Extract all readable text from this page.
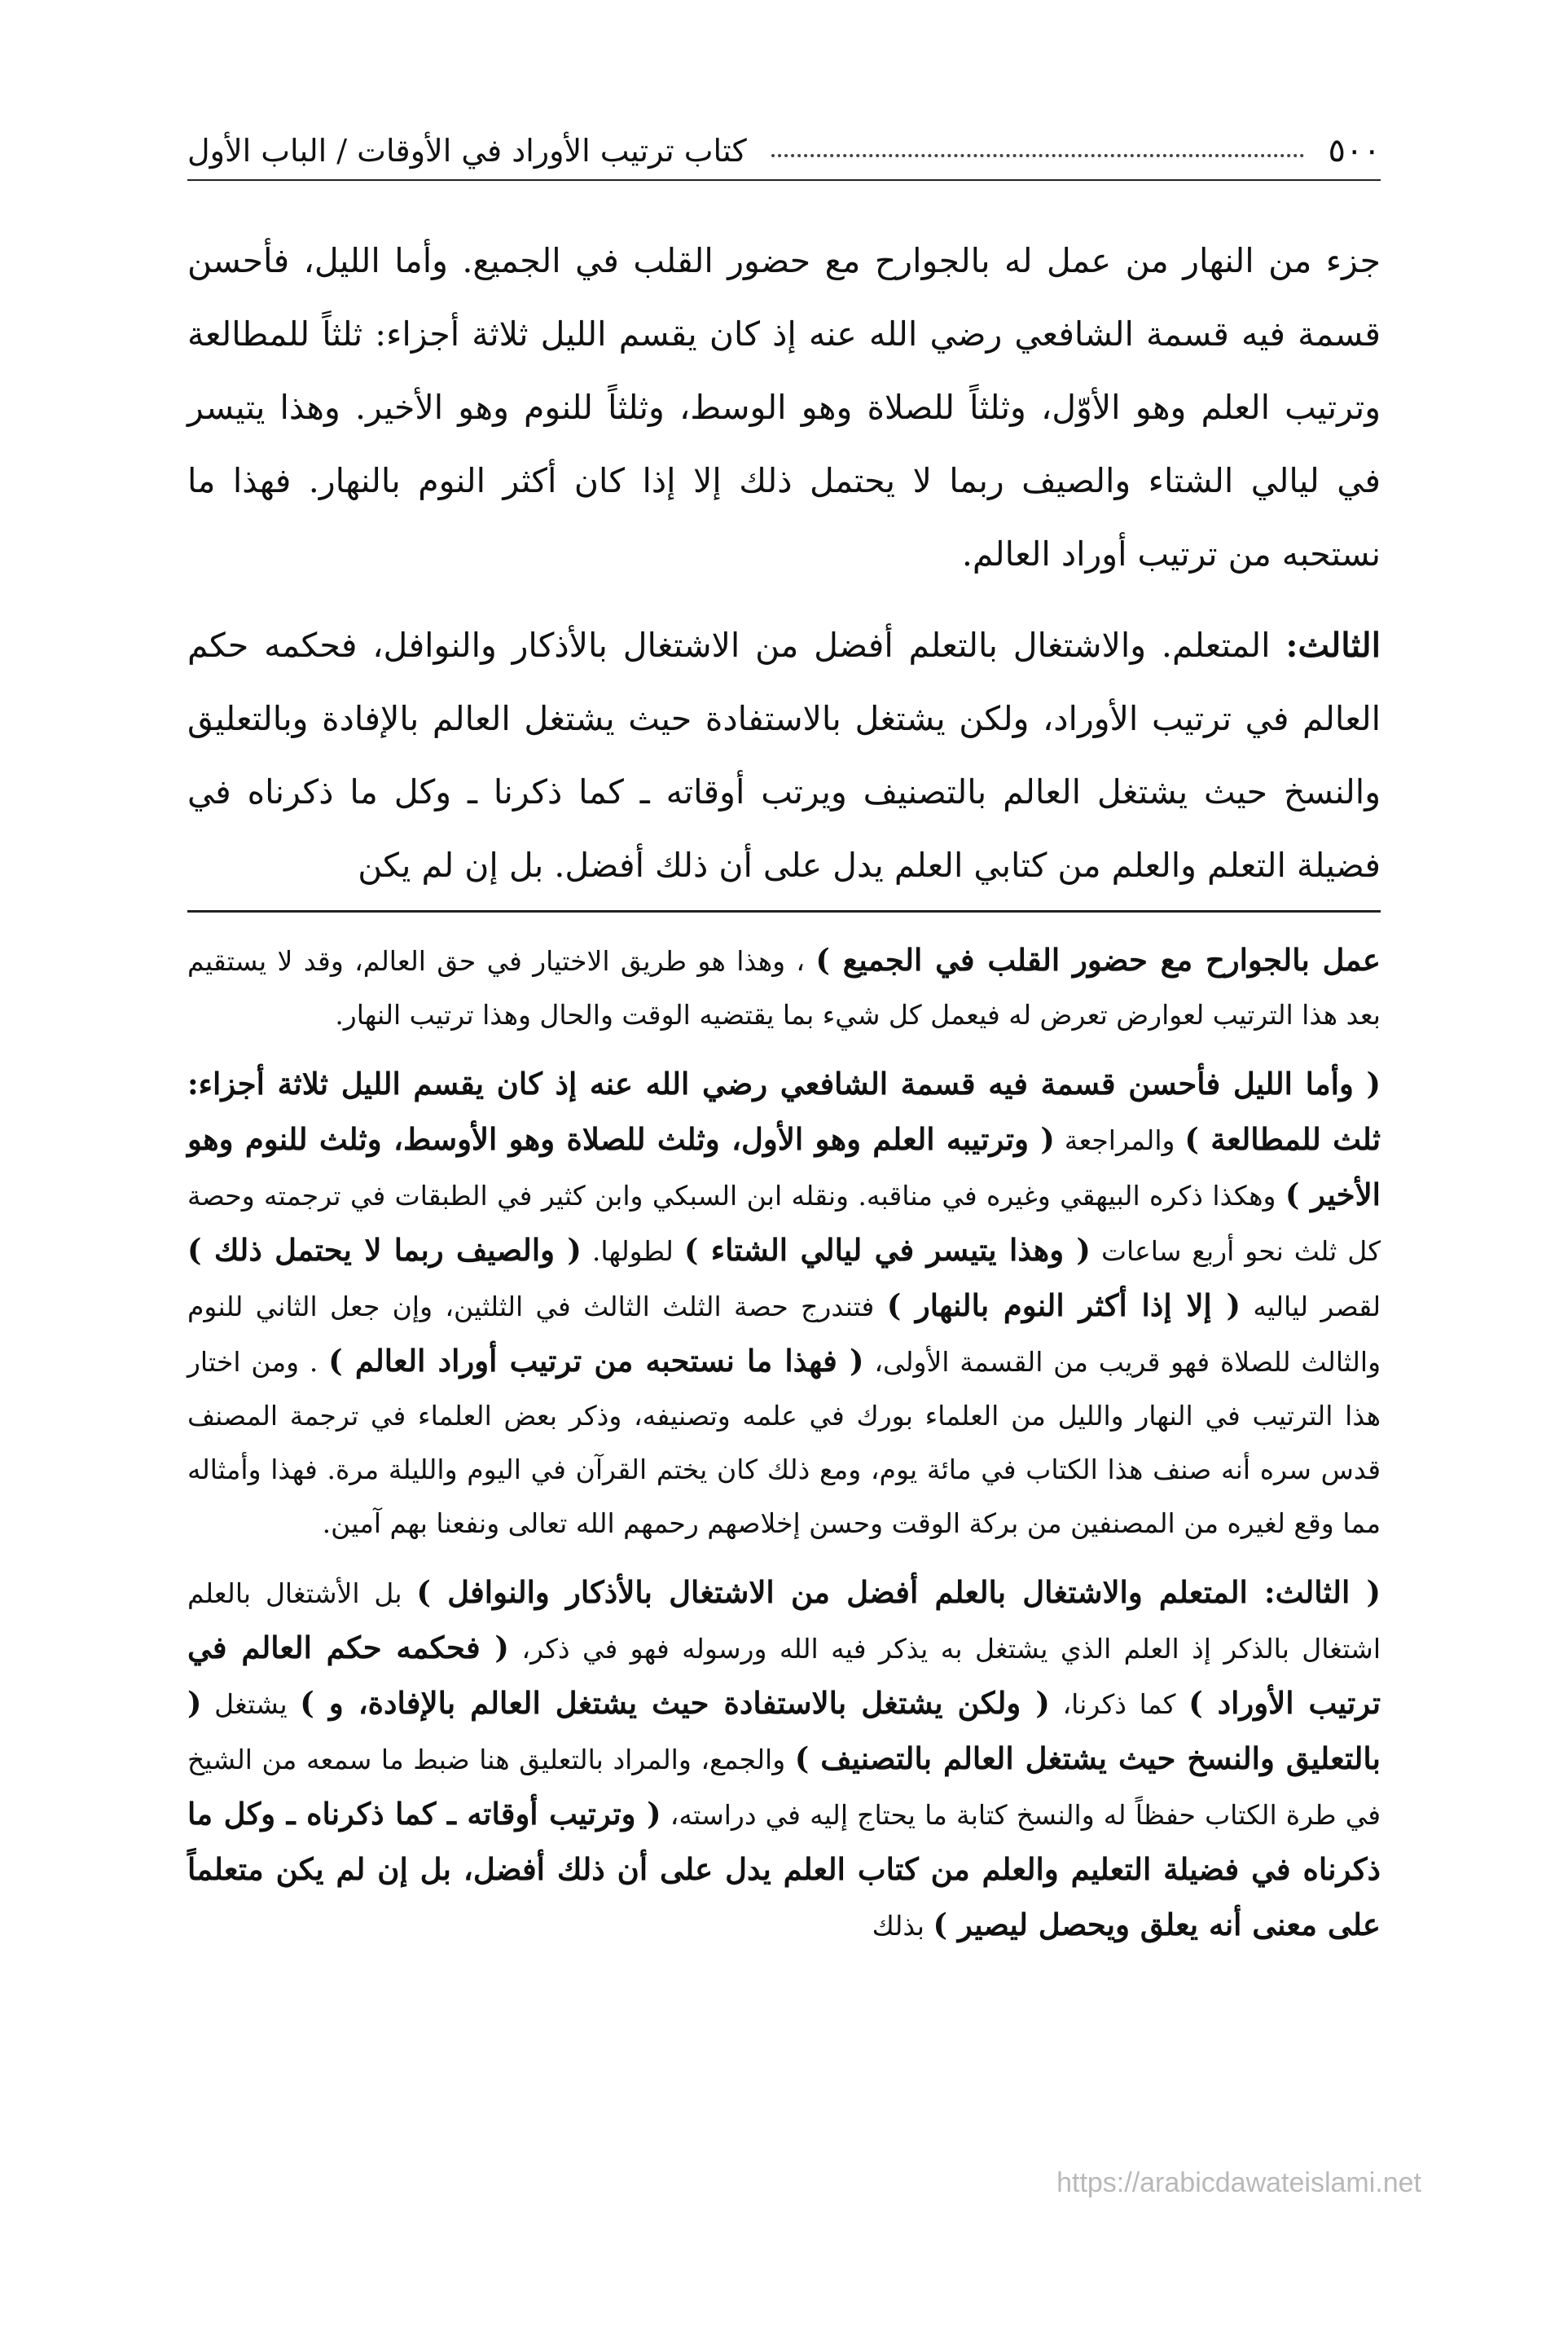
٥٠٠
كتاب ترتيب الأوراد في الأوقات / الباب الأول

جزء من النهار من عمل له بالجوارح مع حضور القلب في الجميع. وأما الليل، فأحسن قسمة فيه قسمة الشافعي رضي الله عنه إذ كان يقسم الليل ثلاثة أجزاء: ثلثاً للمطالعة وترتيب العلم وهو الأوّل، وثلثاً للصلاة وهو الوسط، وثلثاً للنوم وهو الأخير. وهذا يتيسر في ليالي الشتاء والصيف ربما لا يحتمل ذلك إلا إذا كان أكثر النوم بالنهار. فهذا ما نستحبه من ترتيب أوراد العالم.

الثالث: المتعلم. والاشتغال بالتعلم أفضل من الاشتغال بالأذكار والنوافل، فحكمه حكم العالم في ترتيب الأوراد، ولكن يشتغل بالاستفادة حيث يشتغل العالم بالإفادة وبالتعليق والنسخ حيث يشتغل العالم بالتصنيف ويرتب أوقاته ـ كما ذكرنا ـ وكل ما ذكرناه في فضيلة التعلم والعلم من كتابي العلم يدل على أن ذلك أفضل. بل إن لم يكن

عمل بالجوارح مع حضور القلب في الجميع ) ، وهذا هو طريق الاختيار في حق العالم، وقد لا يستقيم بعد هذا الترتيب لعوارض تعرض له فيعمل كل شيء بما يقتضيه الوقت والحال وهذا ترتيب النهار.

( وأما الليل فأحسن قسمة فيه قسمة الشافعي رضي الله عنه إذ كان يقسم الليل ثلاثة أجزاء: ثلث للمطالعة ) والمراجعة ( وترتيبه العلم وهو الأول، وثلث للصلاة وهو الأوسط، وثلث للنوم وهو الأخير ) وهكذا ذكره البيهقي وغيره في مناقبه. ونقله ابن السبكي وابن كثير في الطبقات في ترجمته وحصة كل ثلث نحو أربع ساعات ( وهذا يتيسر في ليالي الشتاء ) لطولها. ( والصيف ربما لا يحتمل ذلك ) لقصر لياليه ( إلا إذا أكثر النوم بالنهار ) فتندرج حصة الثلث الثالث في الثلثين، وإن جعل الثاني للنوم والثالث للصلاة فهو قريب من القسمة الأولى، ( فهذا ما نستحبه من ترتيب أوراد العالم ) . ومن اختار هذا الترتيب في النهار والليل من العلماء بورك في علمه وتصنيفه، وذكر بعض العلماء في ترجمة المصنف قدس سره أنه صنف هذا الكتاب في مائة يوم، ومع ذلك كان يختم القرآن في اليوم والليلة مرة. فهذا وأمثاله مما وقع لغيره من المصنفين من بركة الوقت وحسن إخلاصهم رحمهم الله تعالى ونفعنا بهم آمين.

( الثالث: المتعلم والاشتغال بالعلم أفضل من الاشتغال بالأذكار والنوافل ) بل الأشتغال بالعلم اشتغال بالذكر إذ العلم الذي يشتغل به يذكر فيه الله ورسوله فهو في ذكر، ( فحكمه حكم العالم في ترتيب الأوراد ) كما ذكرنا، ( ولكن يشتغل بالاستفادة حيث يشتغل العالم بالإفادة، و ) يشتغل ( بالتعليق والنسخ حيث يشتغل العالم بالتصنيف ) والجمع، والمراد بالتعليق هنا ضبط ما سمعه من الشيخ في طرة الكتاب حفظاً له والنسخ كتابة ما يحتاج إليه في دراسته، ( وترتيب أوقاته ـ كما ذكرناه ـ وكل ما ذكرناه في فضيلة التعليم والعلم من كتاب العلم يدل على أن ذلك أفضل، بل إن لم يكن متعلماً على معنى أنه يعلق ويحصل ليصير ) بذلك

https://arabicdawateislami.net
